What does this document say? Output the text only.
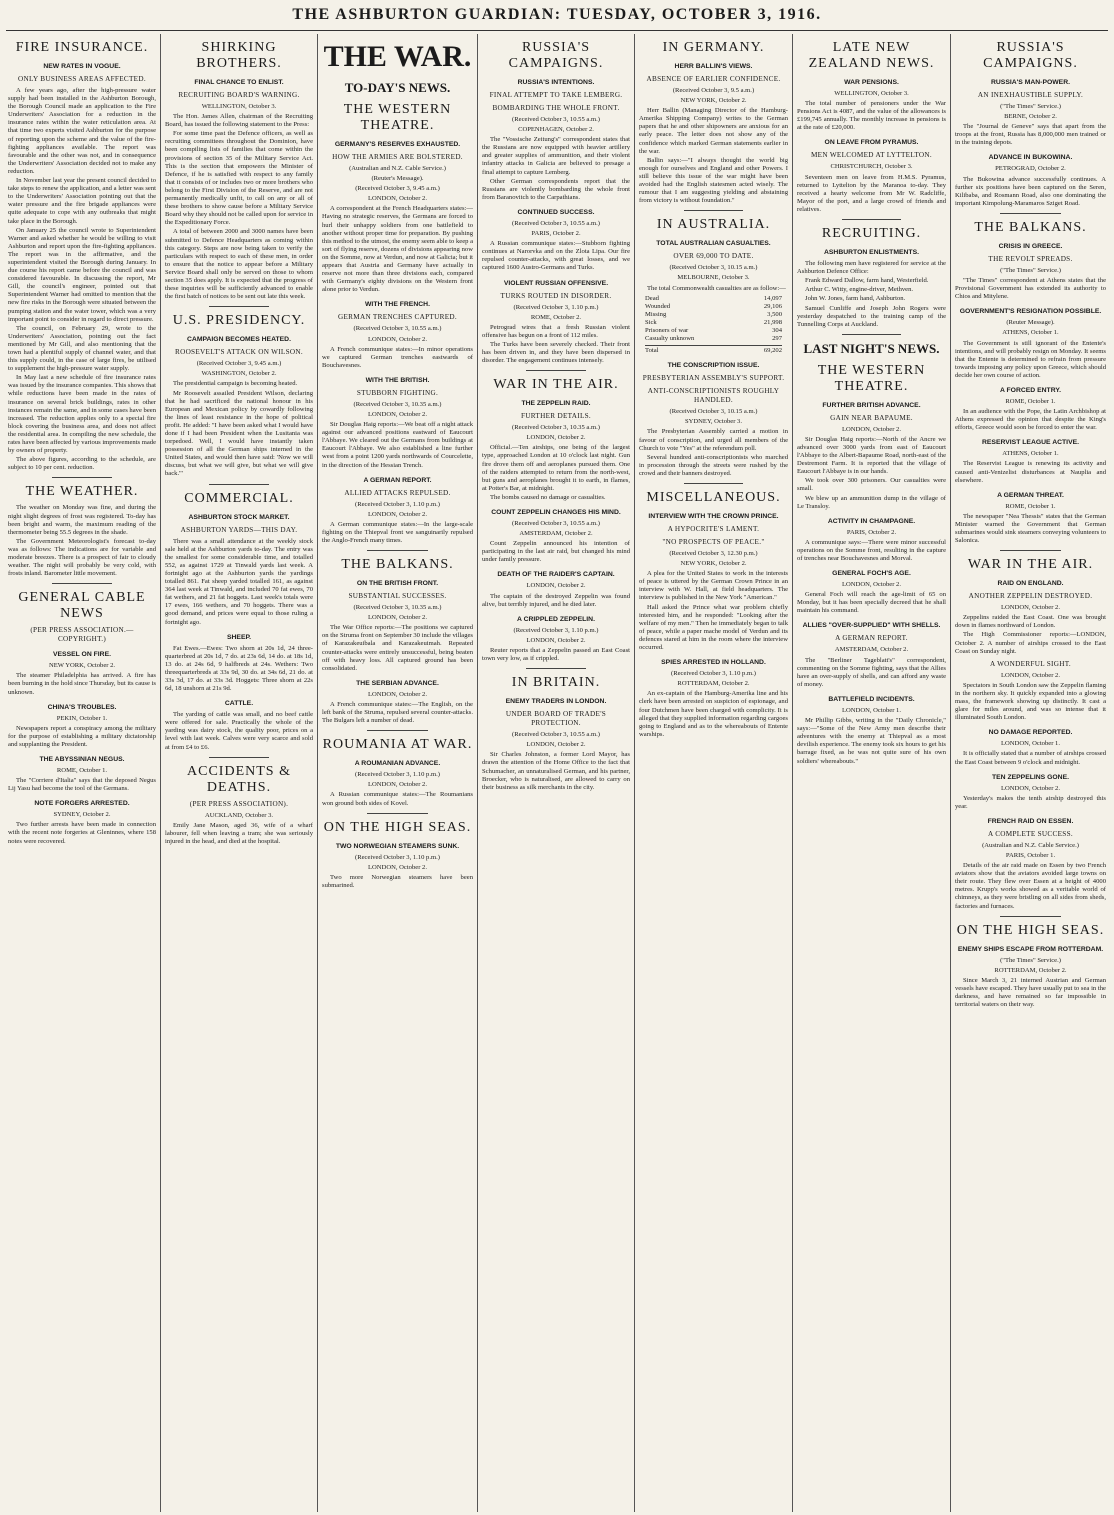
THE ASHBURTON GUARDIAN: TUESDAY, OCTOBER 3, 1916.
FIRE INSURANCE.
NEW RATES IN VOGUE.
ONLY BUSINESS AREAS AFFECTED.

A few years ago, after the high-pressure water supply had been installed in the Ashburton Borough, the Borough Council made an application to the Fire Underwriters' Association for a reduction in the insurance rates within the water reticulation area. At that time two experts visited Ashburton for the purpose of reporting upon the scheme and the value of the fire-fighting appliances available. The report was favourable and the other was not, and in consequence the Underwriters' Association decided not to make any reduction.

In November last year the present council decided to take steps to renew the application, and a letter was sent to the Underwriters' Association pointing out that the water pressure and the fire brigade appliances were quite adequate to cope with any outbreaks that might take place in the Borough.

On January 25 the council wrote to Superintendent Warner and asked whether he would be willing to visit Ashburton and report upon the fire-fighting appliances. The report was in the affirmative, and the superintendent visited the Borough during January. In due course his report came before the council and was considered favourable. In discussing the report, Mr Gill, the council's engineer, pointed out that Superintendent Warner had omitted to mention that the new fire risks in the Borough were situated between the pumping station and the water tower, which was a very important point to consider in regard to direct pressure.

The council, on February 29, wrote to the Underwriters' Association, pointing out the fact mentioned by Mr Gill, and also mentioning that the town had a plentiful supply of channel water, and that this supply could, in the case of large fires, be utilised to supplement the high-pressure water supply.

In May last a new schedule of fire insurance rates was issued by the insurance companies. This shows that while reductions have been made in the rates of insurance on several brick buildings, rates in other instances remain the same, and in some cases have been increased. The reduction applies only to a special fire block covering the business area, and does not affect the residential area. In compiling the new schedule, the rates have been affected by various improvements made by owners of property.

The above figures, according to the schedule, are subject to 10 per cent. reduction.

THE WEATHER.

The weather on Monday was fine, and during the night slight degrees of frost was registered. To-day has been bright and warm, the maximum reading of the thermometer being 55.5 degrees in the shade.

The Government Meteorologist's forecast to-day was as follows: The indications are for variable and moderate breezes. There is a prospect of fair to cloudy weather. The night will probably be very cold, with frosts inland. Barometer little movement.

GENERAL CABLE NEWS
(PER PRESS ASSOCIATION.—COPYRIGHT.)
VESSEL ON FIRE.
NEW YORK, October 2.

The steamer Philadelphia has arrived. A fire has been burning in the hold since Thursday, but its cause is unknown.

CHINA'S TROUBLES.
PEKIN, October 1.

Newspapers report a conspiracy among the military for the purpose of establishing a military dictatorship and supplanting the President.

THE ABYSSINIAN NEGUS.
ROME, October 1.

The "Corriere d'Italia" says that the deposed Negus Lij Yasu had become the tool of the Germans.

NOTE FORGERS ARRESTED.
SYDNEY, October 2.

Two further arrests have been made in connection with the recent note forgeries at Gleninnes, where 158 notes were recovered.

SHIRKING BROTHERS.
FINAL CHANCE TO ENLIST.
RECRUITING BOARD'S WARNING.
WELLINGTON, October 3.

The Hon. James Allen, chairman of the Recruiting Board, has issued the following statement to the Press:

For some time past the Defence officers, as well as recruiting committees throughout the Dominion, have been compiling lists of families that come within the provisions of section 35 of the Military Service Act. This is the section that empowers the Minister of Defence, if he is satisfied with respect to any family that it consists of or includes two or more brothers who belong to the First Division of the Reserve, and are not permanently medically unfit, to call on any or all of these brothers to show cause before a Military Service Board why they should not be called upon for service in the Expeditionary Force.

A total of between 2000 and 3000 names have been submitted to Defence Headquarters as coming within this category. Steps are now being taken to verify the particulars with respect to each of these men, in order to ensure that the notice to appear before a Military Service Board shall only be served on those to whom section 35 does apply. It is expected that the progress of these inquiries will be sufficiently advanced to enable the first batch of notices to be sent out late this week.

U.S. PRESIDENCY.
CAMPAIGN BECOMES HEATED.
ROOSEVELT'S ATTACK ON WILSON.
(Received October 3, 9.45 a.m.)
WASHINGTON, October 2.

The presidential campaign is becoming heated.

Mr Roosevelt assailed President Wilson, declaring that he had sacrificed the national honour in his European and Mexican policy by cowardly following the lines of least resistance in the hope of political profit. He added: "I have been asked what I would have done if I had been President when the Lusitania was torpedoed. Well, I would have instantly taken possession of all the German ships interned in the United States, and would then have said: 'Now we will discuss, but what we will give, but what we will give back.'"

COMMERCIAL.
ASHBURTON STOCK MARKET.
ASHBURTON YARDS—THIS DAY.

There was a small attendance at the weekly stock sale held at the Ashburton yards to-day. The entry was the smallest for some considerable time, and totalled 552, as against 1729 at Tinwald yards last week. A fortnight ago at the Ashburton yards the yardings totalled 861. Fat sheep yarded totalled 161, as against 364 last week at Tinwald, and included 70 fat ewes, 70 fat wethers, and 21 fat hoggets. Last week's totals were 17 ewes, 166 wethers, and 70 hoggets. There was a good demand, and prices were equal to those ruling a fortnight ago.

SHEEP.

Fat Ewes.—Ewes: Two shorn at 20s 1d, 24 three-quarterbred at 20s 1d, 7 do. at 23s 6d, 14 do. at 18s 1d, 13 do. at 24s 6d, 9 halfbreds at 24s. Wethers: Two threequarterbreds at 33s 9d, 30 do. at 34s 6d, 21 do. at 33s 3d, 17 do. at 33s 3d. Hoggets: Three shorn at 22s 6d, 18 unshorn at 21s 9d.

CATTLE.

The yarding of cattle was small, and no beef cattle were offered for sale. Practically the whole of the yarding was dairy stock, the quality poor, prices on a level with last week. Calves were very scarce and sold at from £4 to £6.

ACCIDENTS & DEATHS.
(PER PRESS ASSOCIATION).
AUCKLAND, October 3.

Emily Jane Mason, aged 36, wife of a wharf labourer, fell when leaving a tram; she was seriously injured in the head, and died at the hospital.

THE WAR.
TO-DAY'S NEWS.
THE WESTERN THEATRE.
GERMANY'S RESERVES EXHAUSTED.
HOW THE ARMIES ARE BOLSTERED.
(Australian and N.Z. Cable Service.)
(Reuter's Message).
(Received October 3, 9.45 a.m.)
LONDON, October 2.

A correspondent at the French Headquarters states:—Having no strategic reserves, the Germans are forced to hurl their unhappy soldiers from one battlefield to another without proper time for preparation. By pushing this method to the utmost, the enemy seem able to keep a sort of flying reserve, dozens of divisions appearing now on the Somme, now at Verdun, and now at Galicia; but it appears that Austria and Germany have actually in reserve not more than three divisions each, compared with Germany's eighty divisions on the Western front alone prior to Verdun.

WITH THE FRENCH.
GERMAN TRENCHES CAPTURED.
(Received October 3, 10.55 a.m.)
LONDON, October 2.

A French communique states:—In minor operations we captured German trenches eastwards of Bouchavesnes.

WITH THE BRITISH.
STUBBORN FIGHTING.
(Received October 3, 10.35 a.m.)
LONDON, October 2.

Sir Douglas Haig reports:—We beat off a night attack against our advanced positions eastward of Eaucourt l'Abbaye. We cleared out the Germans from buildings at Eaucourt l'Abbaye. We also established a line further west from a point 1200 yards northwards of Courcelette, in the direction of the Hessian Trench.

A GERMAN REPORT.
ALLIED ATTACKS REPULSED.
(Received October 3, 1.10 p.m.)
LONDON, October 2.

A German communique states:—In the large-scale fighting on the Thiepval front we sanguinarily repulsed the Anglo-French many times.

THE BALKANS.
ON THE BRITISH FRONT.
SUBSTANTIAL SUCCESSES.
(Received October 3, 10.35 a.m.)
LONDON, October 2.

The War Office reports:—The positions we captured on the Struma front on September 30 include the villages of Karazakeuibala and Karazakeuimah. Repeated counter-attacks were entirely unsuccessful, being beaten off with heavy loss. All captured ground has been consolidated.

THE SERBIAN ADVANCE.
LONDON, October 2.

A French communique states:—The English, on the left bank of the Struma, repulsed several counter-attacks. The Bulgars left a number of dead.

ROUMANIA AT WAR.
A ROUMANIAN ADVANCE.
(Received October 3, 1.10 p.m.)
LONDON, October 2.

A Russian communique states:—The Roumanians won ground both sides of Kovel.

ON THE HIGH SEAS.
TWO NORWEGIAN STEAMERS SUNK.
(Received October 3, 1.10 p.m.)
LONDON, October 2.

Two more Norwegian steamers have been submarined.

RUSSIA'S CAMPAIGNS.
RUSSIA'S INTENTIONS.
FINAL ATTEMPT TO TAKE LEMBERG.
BOMBARDING THE WHOLE FRONT.
(Received October 3, 10.55 a.m.)
COPENHAGEN, October 2.

The "Vossische Zeitung's" correspondent states that the Russians are now equipped with heavier artillery and greater supplies of ammunition, and their violent infantry attacks in Galicia are believed to presage a final attempt to capture Lemberg.

Other German correspondents report that the Russians are violently bombarding the whole front from Baranovitch to the Carpathians.

CONTINUED SUCCESS.
(Received October 3, 10.55 a.m.)
PARIS, October 2.

A Russian communique states:—Stubborn fighting continues at Narorvka and on the Zlota Lipa. Our fire repulsed counter-attacks, with great losses, and we captured 1600 Austro-Germans and Turks.

VIOLENT RUSSIAN OFFENSIVE.
TURKS ROUTED IN DISORDER.
(Received October 3, 1.10 p.m.)
ROME, October 2.

Petrograd wires that a fresh Russian violent offensive has begun on a front of 112 miles.

The Turks have been severely checked. Their front has been driven in, and they have been dispersed in disorder. The engagement continues intensely.

WAR IN THE AIR.
THE ZEPPELIN RAID.
FURTHER DETAILS.
(Received October 3, 10.35 a.m.)
LONDON, October 2.

Official.—Ten airships, one being of the largest type, approached London at 10 o'clock last night. Gun fire drove them off and aeroplanes pursued them. One of the raiders attempted to return from the north-west, but guns and aeroplanes brought it to earth, in flames, at Potter's Bar, at midnight.

The bombs caused no damage or casualties.

COUNT ZEPPELIN CHANGES HIS MIND.
(Received October 3, 10.55 a.m.)
AMSTERDAM, October 2.

Count Zeppelin announced his intention of participating in the last air raid, but changed his mind under family pressure.

DEATH OF THE RAIDER'S CAPTAIN.
LONDON, October 2.

The captain of the destroyed Zeppelin was found alive, but terribly injured, and he died later.

A CRIPPLED ZEPPELIN.
(Received October 3, 1.10 p.m.)
LONDON, October 2.

Reuter reports that a Zeppelin passed an East Coast town very low, as if crippled.

IN BRITAIN.
ENEMY TRADERS IN LONDON.
UNDER BOARD OF TRADE'S PROTECTION.
(Received October 3, 10.55 a.m.)
LONDON, October 2.

Sir Charles Johnston, a former Lord Mayor, has drawn the attention of the Home Office to the fact that Schumacher, an unnaturalised German, and his partner, Broecker, who is naturalised, are allowed to carry on their business as silk merchants in the city.

IN GERMANY.
HERR BALLIN'S VIEWS.
ABSENCE OF EARLIER CONFIDENCE.
(Received October 3, 9.5 a.m.)
NEW YORK, October 2.

Herr Ballin (Managing Director of the Hamburg-Amerika Shipping Company) writes to the German papers that he and other shipowners are anxious for an early peace. The letter does not show any of the confidence which marked German statements earlier in the war.

Ballin says:—"I always thought the world big enough for ourselves and England and other Powers. I still believe this issue of the war might have been avoided had the English statesmen acted wisely. The rumour that I am suggesting yielding and abstaining from victory is without foundation."

IN AUSTRALIA.
TOTAL AUSTRALIAN CASUALTIES.
OVER 69,000 TO DATE.
(Received October 3, 10.15 a.m.)
MELBOURNE, October 3.

The total Commonwealth casualties are as follow:—

Dead	14,097
Wounded	29,106
Missing	3,500
Sick	21,998
Prisoners of war	304
Casualty unknown	297
Total	69,202
THE CONSCRIPTION ISSUE.
PRESBYTERIAN ASSEMBLY'S SUPPORT.
ANTI-CONSCRIPTIONISTS ROUGHLY HANDLED.
(Received October 3, 10.15 a.m.)
SYDNEY, October 3.

The Presbyterian Assembly carried a motion in favour of conscription, and urged all members of the Church to vote "Yes" at the referendum poll.

Several hundred anti-conscriptionists who marched in procession through the streets were rushed by the crowd and their banners destroyed.

MISCELLANEOUS.
INTERVIEW WITH THE CROWN PRINCE.
A HYPOCRITE'S LAMENT.
"NO PROSPECTS OF PEACE."
(Received October 3, 12.30 p.m.)
NEW YORK, October 2.

A plea for the United States to work in the interests of peace is uttered by the German Crown Prince in an interview with W. Hall, at field headquarters. The interview is published in the New York "American."

Hall asked the Prince what war problem chiefly interested him, and he responded: "Looking after the welfare of my men." Then he immediately began to talk of peace, while a paper mache model of Verdun and its defences stared at him in the room where the interview occurred.

SPIES ARRESTED IN HOLLAND.
(Received October 3, 1.10 p.m.)
ROTTERDAM, October 2.

An ex-captain of the Hamburg-Amerika line and his clerk have been arrested on suspicion of espionage, and four Dutchmen have been charged with complicity. It is alleged that they supplied information regarding cargoes going to England and as to the whereabouts of Entente warships.

LATE NEW ZEALAND NEWS.
WAR PENSIONS.
WELLINGTON, October 3.

The total number of pensioners under the War Pensions Act is 4087, and the value of the allowances is £199,745 annually. The monthly increase in pensions is at the rate of £20,000.

ON LEAVE FROM PYRAMUS.
MEN WELCOMED AT LYTTELTON.
CHRISTCHURCH, October 3.

Seventeen men on leave from H.M.S. Pyramus, returned to Lyttelton by the Maranoa to-day. They received a hearty welcome from Mr W. Radcliffe, Mayor of the port, and a large crowd of friends and relatives.

RECRUITING.
ASHBURTON ENLISTMENTS.

The following men have registered for service at the Ashburton Defence Office:

Frank Edward Dallow, farm hand, Westerfield.

Arthur C. Witty, engine-driver, Methven.

John W. Jones, farm hand, Ashburton.

Samuel Cunliffe and Joseph John Rogers were yesterday despatched to the training camp of the Tunnelling Corps at Auckland.

LAST NIGHT'S NEWS.
THE WESTERN THEATRE.
FURTHER BRITISH ADVANCE.
GAIN NEAR BAPAUME.
LONDON, October 2.

Sir Douglas Haig reports:—North of the Ancre we advanced over 3000 yards from east of Eaucourt l'Abbaye to the Albert-Bapaume Road, north-east of the Destremont Farm. It is reported that the village of Eaucourt l'Abbaye is in our hands.

We took over 300 prisoners. Our casualties were small.

We blew up an ammunition dump in the village of Le Transloy.

ACTIVITY IN CHAMPAGNE.
PARIS, October 2.

A communique says:—There were minor successful operations on the Somme front, resulting in the capture of trenches near Bouchavesnes and Morval.

GENERAL FOCH'S AGE.
LONDON, October 2.

General Foch will reach the age-limit of 65 on Monday, but it has been specially decreed that he shall maintain his command.

ALLIES "OVER-SUPPLIED" WITH SHELLS.
A GERMAN REPORT.
AMSTERDAM, October 2.

The "Berliner Tageblatt's" correspondent, commenting on the Somme fighting, says that the Allies have an over-supply of shells, and can afford any waste of money.

BATTLEFIELD INCIDENTS.
LONDON, October 1.

Mr Phillip Gibbs, writing in the "Daily Chronicle," says:—"Some of the New Army men describe their adventures with the enemy at Thiepval as a most devilish experience. The enemy took six hours to get his barrage fixed, as he was not quite sure of his own soldiers' whereabouts."

RUSSIA'S CAMPAIGNS.
RUSSIA'S MAN-POWER.
AN INEXHAUSTIBLE SUPPLY.
("The Times" Service.)
BERNE, October 2.

The "Journal de Geneve" says that apart from the troops at the front, Russia has 8,000,000 men trained or in the training depots.

ADVANCE IN BUKOWINA.
PETROGRAD, October 2.

The Bukowina advance successfully continues. A further six positions have been captured on the Seren, Kilibaba, and Rosmann Road, also one dominating the important Kimpolung-Maramaros Sziget Road.

THE BALKANS.
CRISIS IN GREECE.
THE REVOLT SPREADS.
("The Times" Service.)

"The Times" correspondent at Athens states that the Provisional Government has extended its authority to Chios and Mitylene.

GOVERNMENT'S RESIGNATION POSSIBLE.
(Reuter Message).
ATHENS, October 1.

The Government is still ignorant of the Entente's intentions, and will probably resign on Monday. It seems that the Entente is determined to refrain from pressure towards imposing any policy upon Greece, which should decide her own course of action.

A FORCED ENTRY.
ROME, October 1.

In an audience with the Pope, the Latin Archbishop at Athens expressed the opinion that despite the King's efforts, Greece would soon be forced to enter the war.

RESERVIST LEAGUE ACTIVE.
ATHENS, October 1.

The Reservist League is renewing its activity and caused anti-Venizelist disturbances at Nauplia and elsewhere.

A GERMAN THREAT.
ROME, October 1.

The newspaper "Nea Thessis" states that the German Minister warned the Government that German submarines would sink steamers conveying volunteers to Salonica.

WAR IN THE AIR.
RAID ON ENGLAND.
ANOTHER ZEPPELIN DESTROYED.
LONDON, October 2.

Zeppelins raided the East Coast. One was brought down in flames northward of London.

The High Commissioner reports:—LONDON, October 2. A number of airships crossed to the East Coast on Sunday night.

A WONDERFUL SIGHT.
LONDON, October 2.

Spectators in South London saw the Zeppelin flaming in the northern sky. It quickly expanded into a glowing mass, the framework showing up distinctly. It cast a glare for miles around, and was so intense that it illuminated South London.

NO DAMAGE REPORTED.
LONDON, October 1.

It is officially stated that a number of airships crossed the East Coast between 9 o'clock and midnight.

TEN ZEPPELINS GONE.
LONDON, October 2.

Yesterday's makes the tenth airship destroyed this year.

FRENCH RAID ON ESSEN.
A COMPLETE SUCCESS.
(Australian and N.Z. Cable Service.)
PARIS, October 1.

Details of the air raid made on Essen by two French aviators show that the aviators avoided large towns on their route. They flew over Essen at a height of 4000 metres. Krupp's works showed as a veritable world of chimneys, as they were bristling on all sides from sheds, factories and furnaces.

ON THE HIGH SEAS.
ENEMY SHIPS ESCAPE FROM ROTTERDAM.
("The Times" Service.)
ROTTERDAM, October 2.

Since March 3, 21 interned Austrian and German vessels have escaped. They have usually put to sea in the darkness, and have remained so far impossible in territorial waters on their way.
